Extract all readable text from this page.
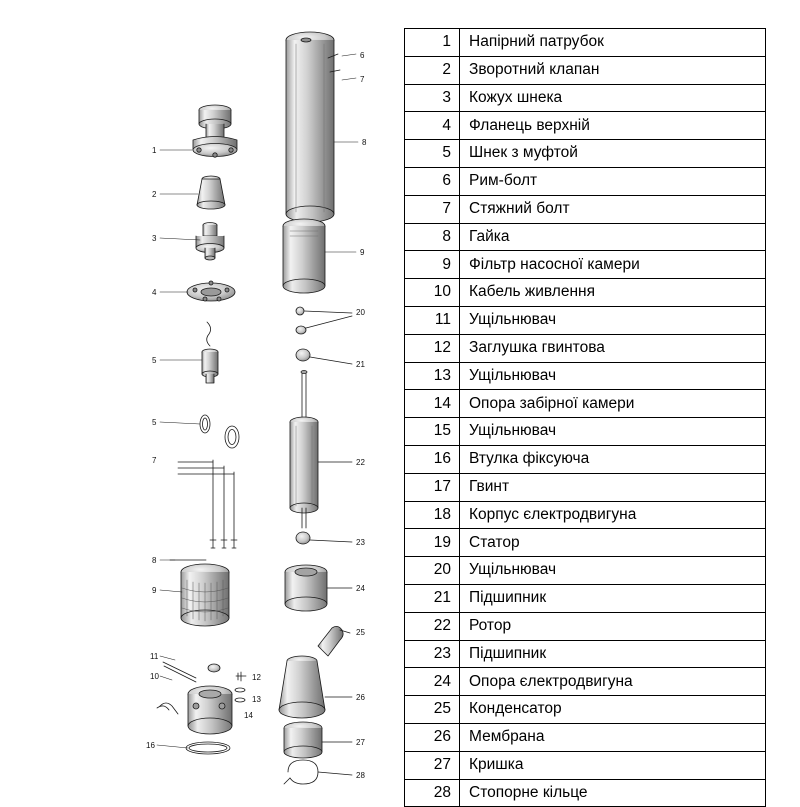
1
2
3
4
5
5
7
8
9
11
10
16
6
7
8
9
20
21
22
23
24
25
26
27
28
12
13
14
1	Напірний патрубок
2	Зворотний клапан
3	Кожух шнека
4	Фланець верхній
5	Шнек з муфтой
6	Рим-болт
7	Стяжний болт
8	Гайка
9	Фільтр насосної камери
10	Кабель живлення
11	Ущільнювач
12	Заглушка гвинтова
13	Ущільнювач
14	Опора забірної камери
15	Ущільнювач
16	Втулка фіксуюча
17	Гвинт
18	Корпус єлектродвигуна
19	Статор
20	Ущільнювач
21	Підшипник
22	Ротор
23	Підшипник
24	Опора єлектродвигуна
25	Конденсатор
26	Мембрана
27	Кришка
28	Стопорне кільце
